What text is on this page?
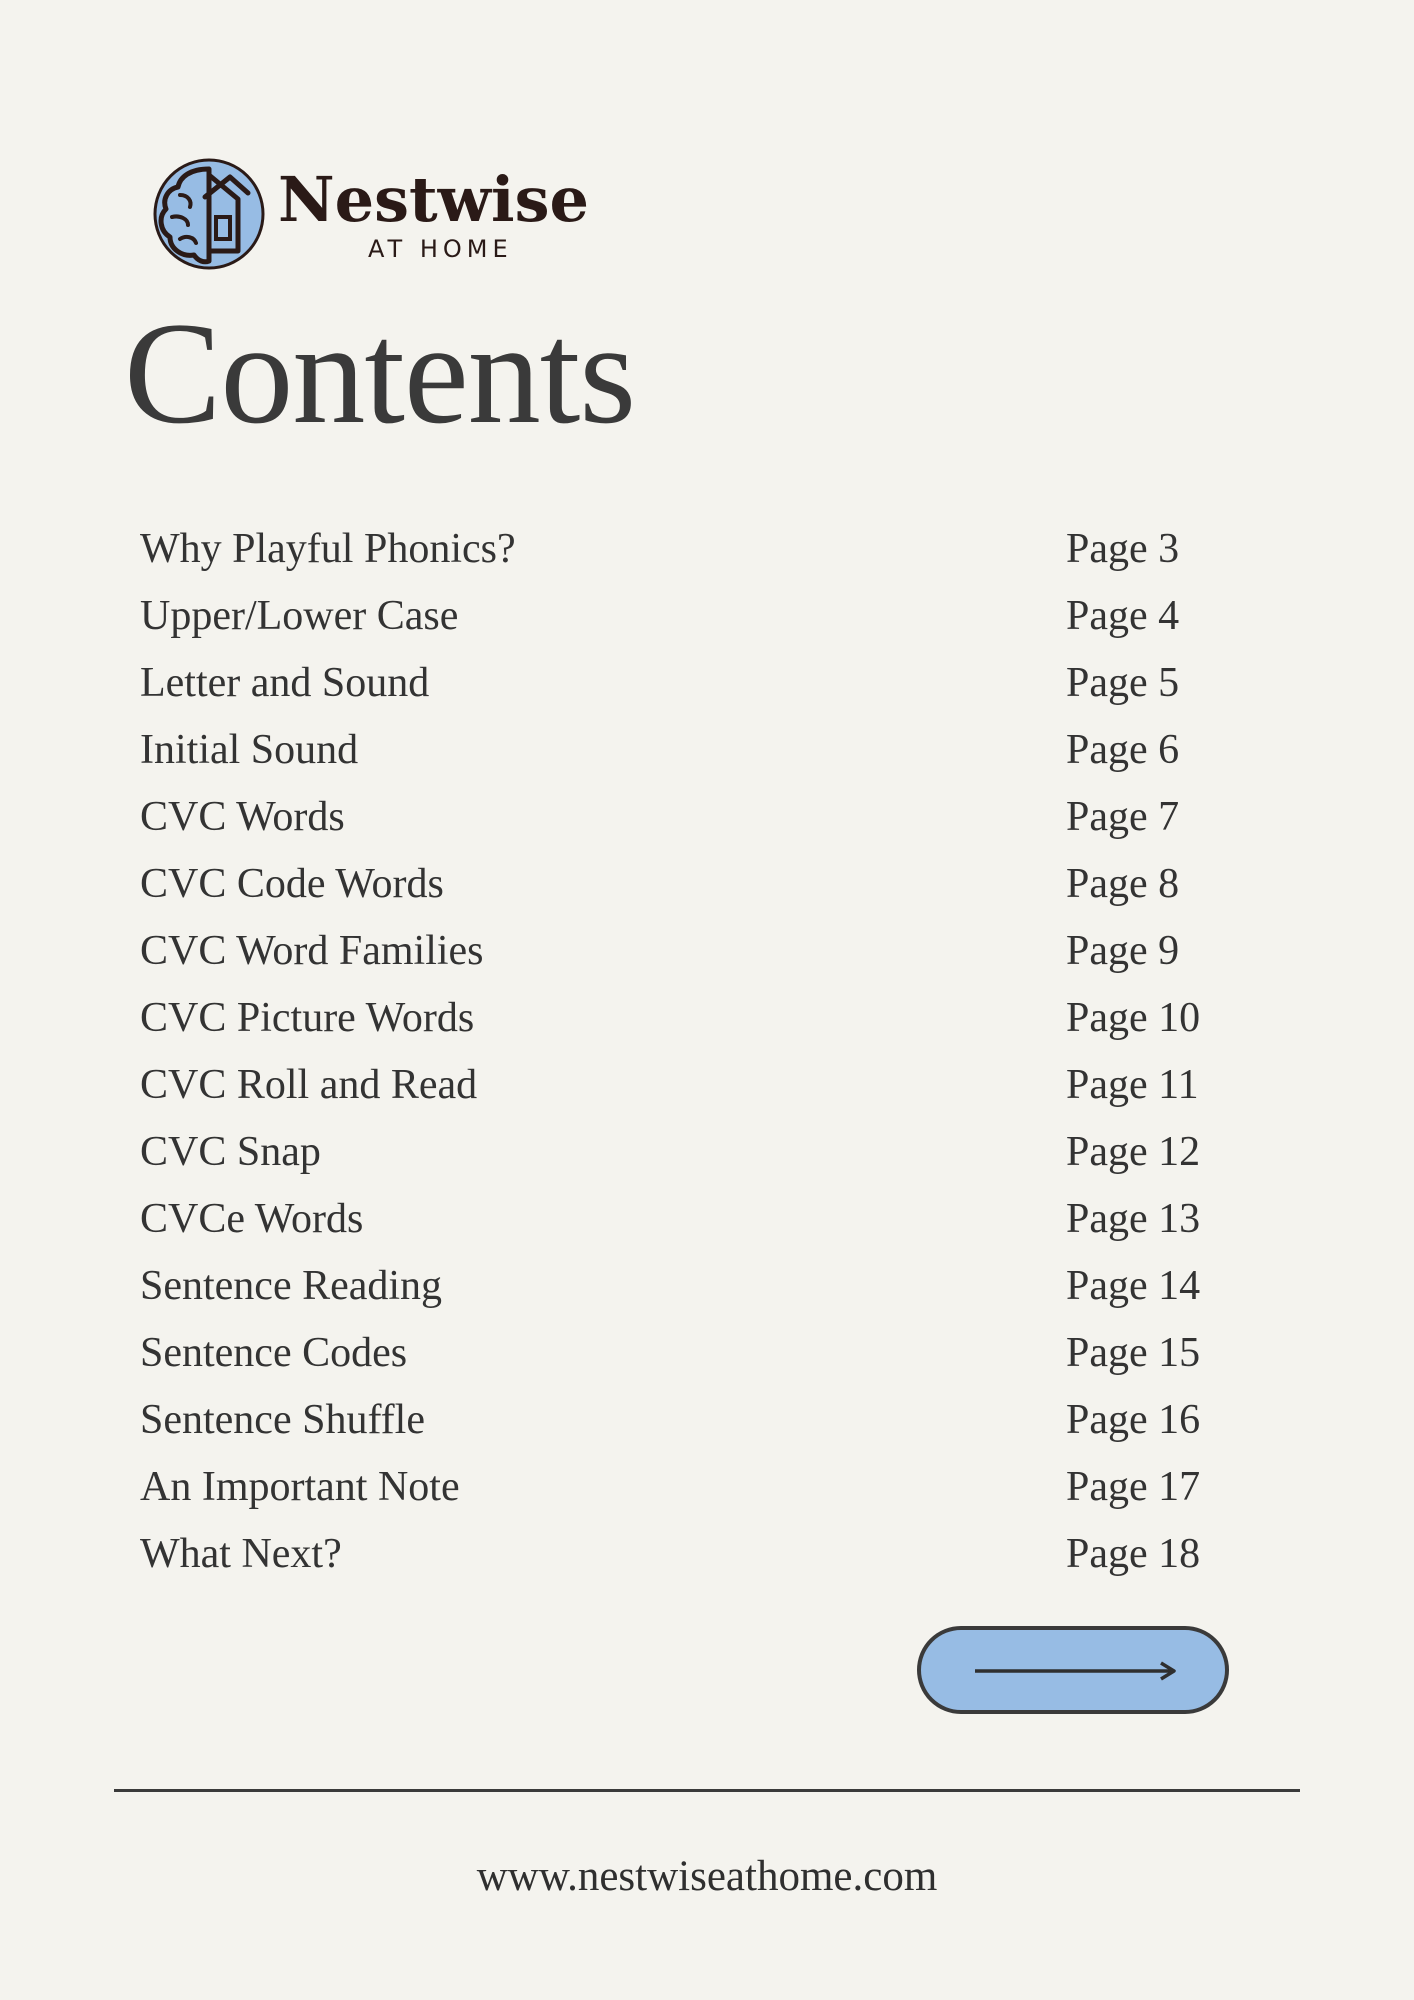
Nestwise
AT HOME
Contents
Why Playful Phonics?	Page 3
Upper/Lower Case	Page 4
Letter and Sound	Page 5
Initial Sound	Page 6
CVC Words	Page 7
CVC Code Words	Page 8
CVC Word Families	Page 9
CVC Picture Words	Page 10
CVC Roll and Read	Page 11
CVC Snap	Page 12
CVCe Words	Page 13
Sentence Reading	Page 14
Sentence Codes	Page 15
Sentence Shuffle	Page 16
An Important Note	Page 17
What Next?	Page 18
www.nestwiseathome.com
